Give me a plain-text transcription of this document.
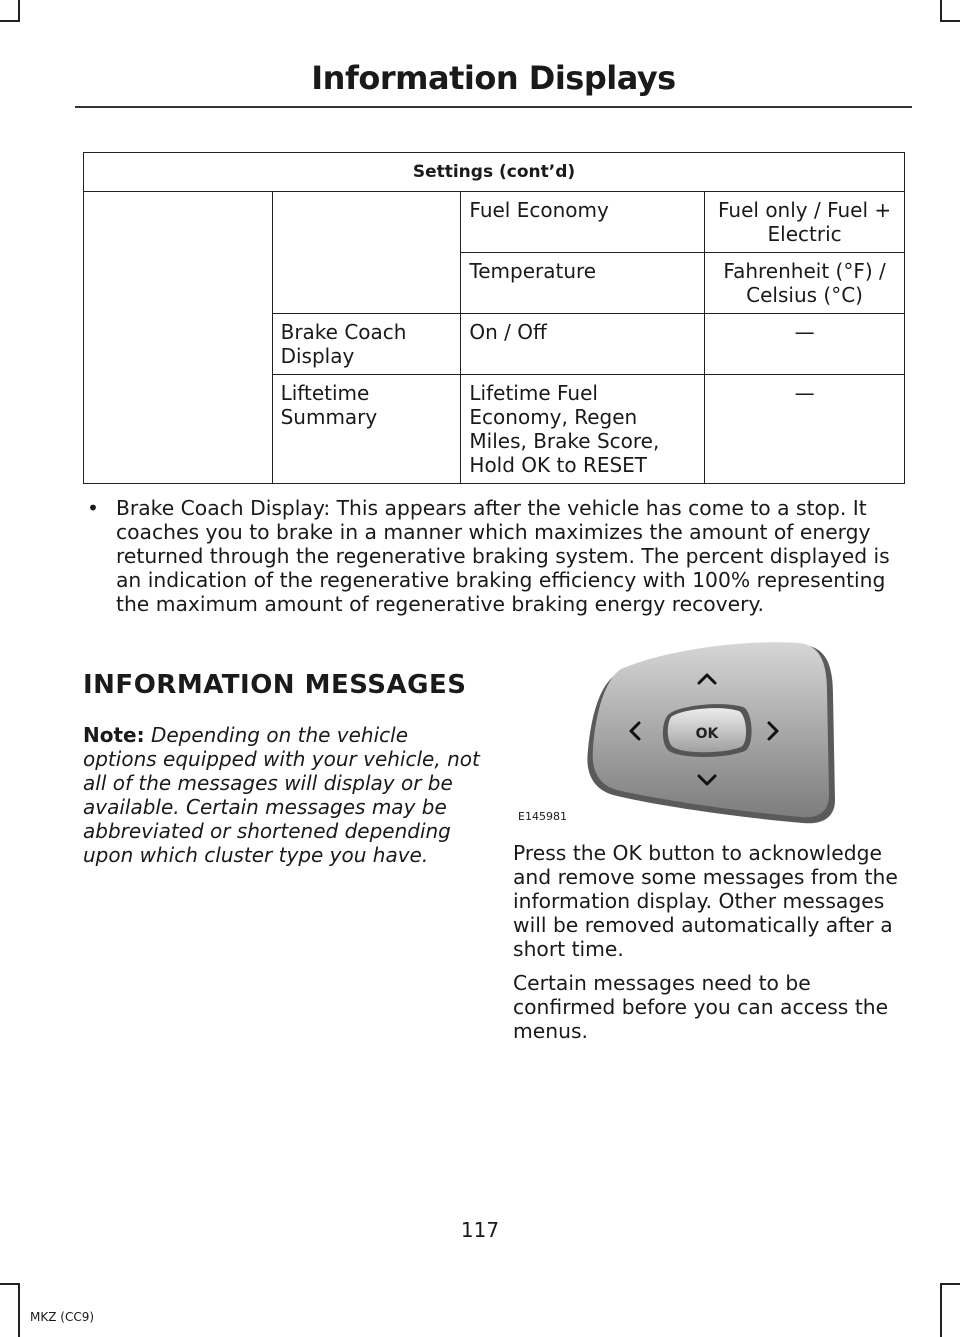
Information Displays
Settings (cont’d)			
		Fuel Economy	Fuel only / Fuel + Electric
		Temperature	Fahrenheit (°F) / Celsius (°C)
	Brake Coach Display	On / Off	—
	Liftetime Summary	Lifetime Fuel Economy, Regen Miles, Brake Score, Hold OK to RESET	—
• Brake Coach Display: This appears after the vehicle has come to a stop. It coaches you to brake in a manner which maximizes the amount of energy returned through the regenerative braking system. The percent displayed is an indication of the regenerative braking efficiency with 100% representing the maximum amount of regenerative braking energy recovery.
INFORMATION MESSAGES

Note: Depending on the vehicle options equipped with your vehicle, not all of the messages will display or be available. Certain messages may be abbreviated or shortened depending upon which cluster type you have.

OK
E145981

Press the OK button to acknowledge and remove some messages from the information display. Other messages will be removed automatically after a short time.

Certain messages need to be confirmed before you can access the menus.

117
MKZ (CC9)
